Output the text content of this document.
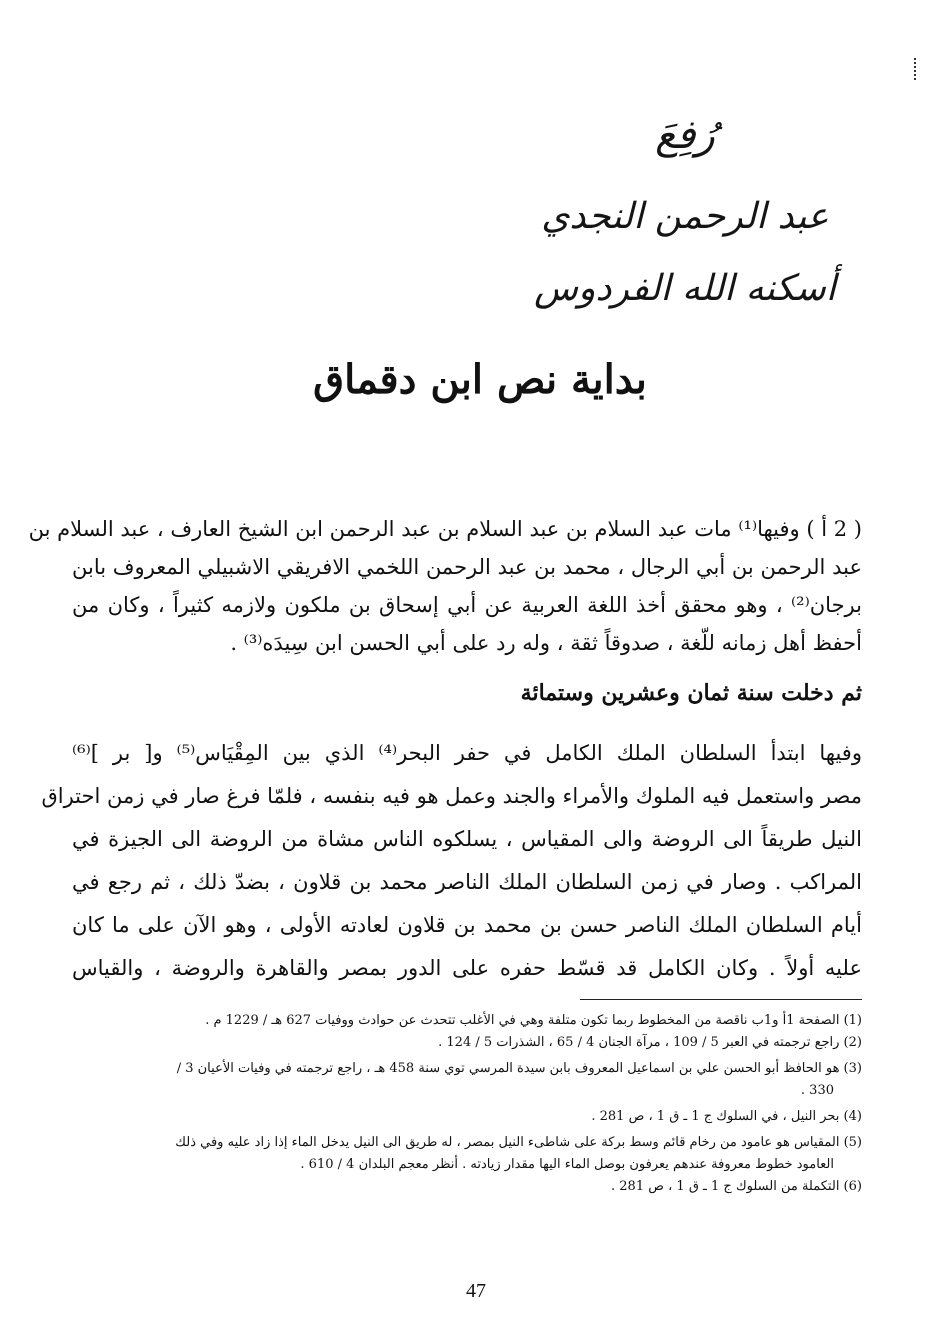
رُفِعَ
عبد الرحمن النجدي
أسكنه الله الفردوس
بداية نص ابن دقماق
( 2 أ ) وفيها⁽¹⁾ مات عبد السلام بن عبد السلام بن عبد الرحمن ابن الشيخ العارف ، عبد السلام بن
عبد الرحمن بن أبي الرجال ، محمد بن عبد الرحمن اللخمي الافريقي الاشبيلي المعروف بابن
برجان⁽²⁾ ، وهو محقق أخذ اللغة العربية عن أبي إسحاق بن ملكون ولازمه كثيراً ، وكان من
أحفظ أهل زمانه للّغة ، صدوقاً ثقة ، وله رد على أبي الحسن ابن سِيدَه⁽³⁾ .
ثم دخلت سنة ثمان وعشرين وستمائة
وفيها ابتدأ السلطان الملك الكامل في حفر البحر⁽⁴⁾ الذي بين المِقْيَاس⁽⁵⁾ و[ بر ]⁽⁶⁾
مصر واستعمل فيه الملوك والأمراء والجند وعمل هو فيه بنفسه ، فلمّا فرغ صار في زمن احتراق
النيل طريقاً الى الروضة والى المقياس ، يسلكوه الناس مشاة من الروضة الى الجيزة في
المراكب . وصار في زمن السلطان الملك الناصر محمد بن قلاون ، بضدّ ذلك ، ثم رجع في
أيام السلطان الملك الناصر حسن بن محمد بن قلاون لعادته الأولى ، وهو الآن على ما كان
عليه أولاً . وكان الكامل قد قسّط حفره على الدور بمصر والقاهرة والروضة ، والقياس
(1) الصفحة 1أ و1ب ناقصة من المخطوط ربما تكون متلفة وهي في الأغلب تتحدث عن حوادث ووفيات 627 هـ / 1229 م .
(2) راجع ترجمته في العبر 5 / 109 ، مرآة الجنان 4 / 65 ، الشذرات 5 / 124 .
(3) هو الحافظ أبو الحسن علي بن اسماعيل المعروف بابن سيدة المرسي توي سنة 458 هـ ، راجع ترجمته في وفيات الأعيان 3 /
330 .
(4) بحر النيل ، في السلوك ج 1 ـ ق 1 ، ص 281 .
(5) المقياس هو عامود من رخام قائم وسط بركة على شاطىء النيل بمصر ، له طريق الى النيل يدخل الماء إذا زاد عليه وفي ذلك
العامود خطوط معروفة عندهم يعرفون بوصل الماء اليها مقدار زيادته . أنظر معجم البلدان 4 / 610 .
(6) التكملة من السلوك ج 1 ـ ق 1 ، ص 281 .
47
